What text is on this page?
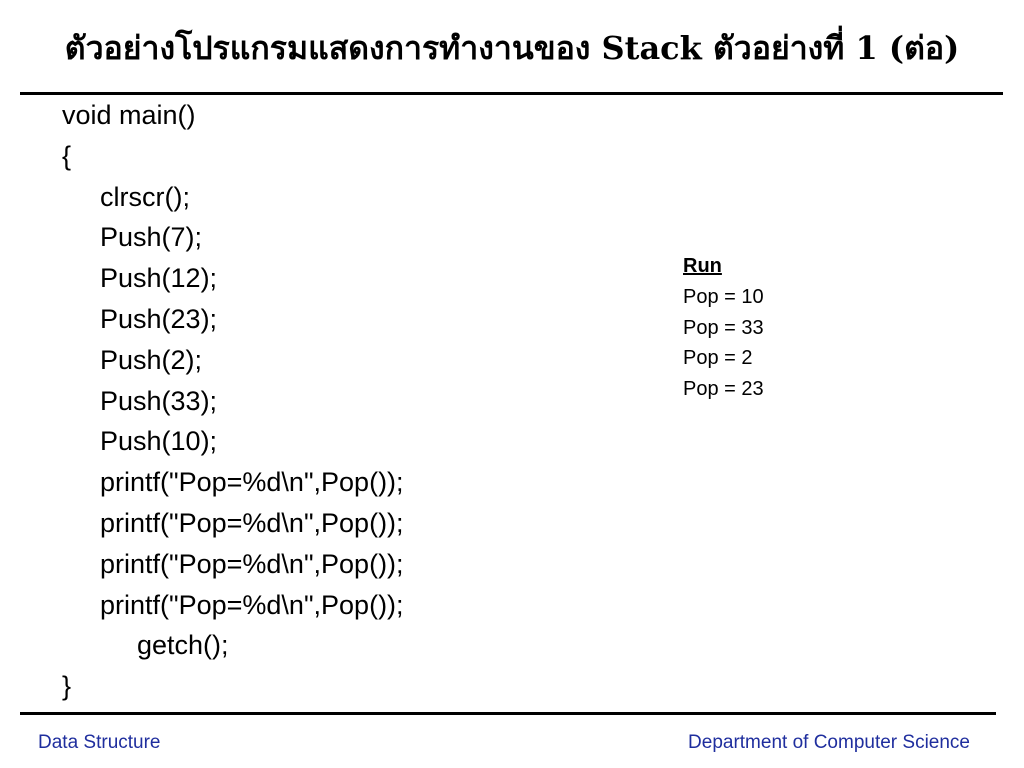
ตัวอย่างโปรแกรมแสดงการทำงานของ Stack ตัวอย่างที่ 1 (ต่อ)
void main()
{
clrscr();
Push(7);
Push(12);
Push(23);
Push(2);
Push(33);
Push(10);
printf("Pop=%d\n",Pop());
printf("Pop=%d\n",Pop());
printf("Pop=%d\n",Pop());
printf("Pop=%d\n",Pop());
getch();
}
Run
Pop = 10
Pop = 33
Pop = 2
Pop = 23
Data Structure	Department of Computer Science
